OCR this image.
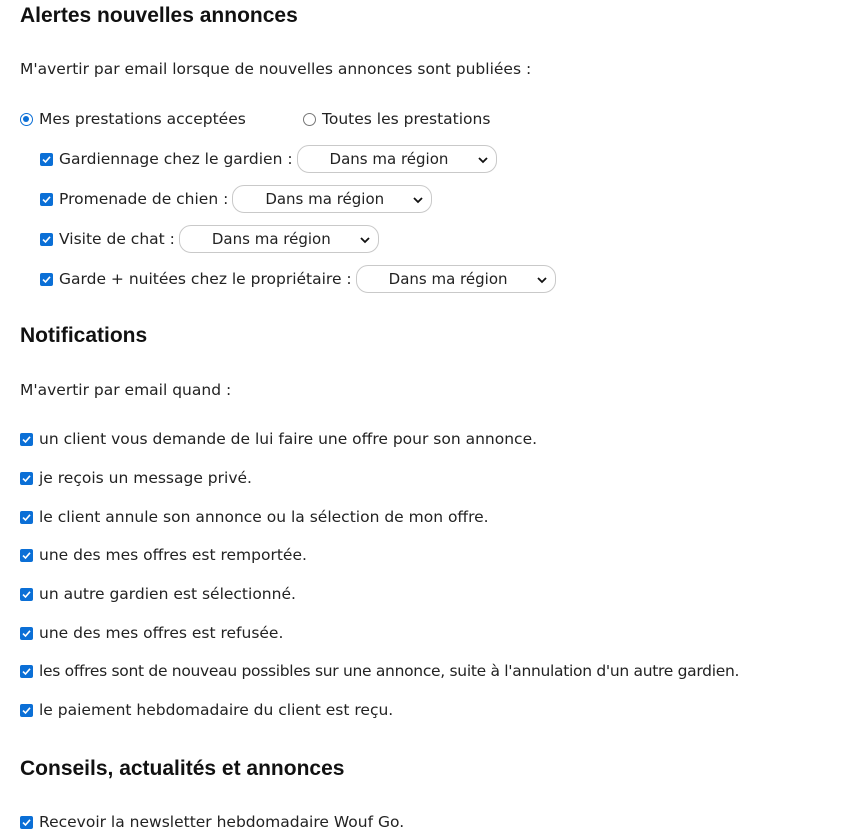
Alertes nouvelles annonces

M'avertir par email lorsque de nouvelles annonces sont publiées :

Mes prestations acceptées	Toutes les prestations
Gardiennage chez le gardien : Dans ma région
Promenade de chien : Dans ma région
Visite de chat : Dans ma région
Garde + nuitées chez le propriétaire : Dans ma région
Notifications

M'avertir par email quand :

un client vous demande de lui faire une offre pour son annonce.
je reçois un message privé.
le client annule son annonce ou la sélection de mon offre.
une des mes offres est remportée.
un autre gardien est sélectionné.
une des mes offres est refusée.
les offres sont de nouveau possibles sur une annonce, suite à l'annulation d'un autre gardien.
le paiement hebdomadaire du client est reçu.
Conseils, actualités et annonces
Recevoir la newsletter hebdomadaire Wouf Go.
